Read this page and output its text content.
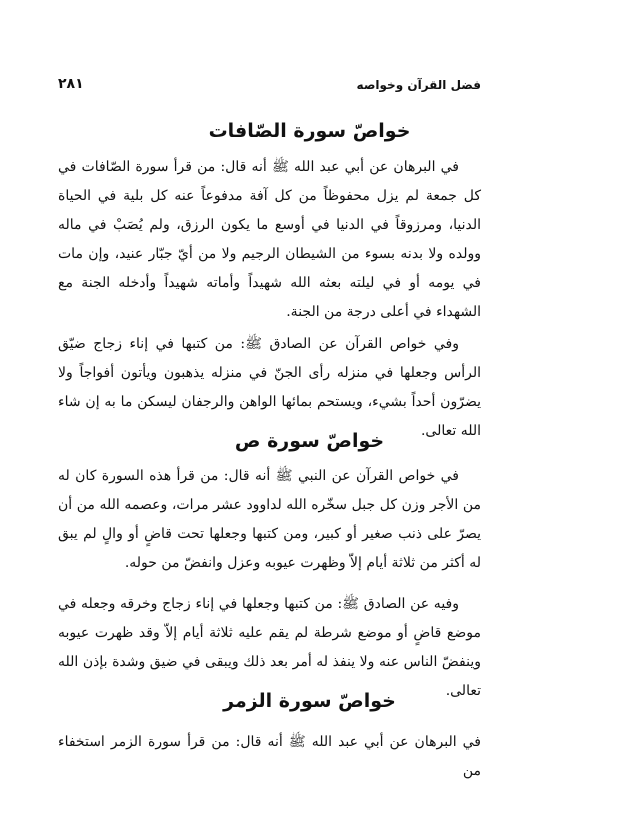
فضل القرآن وخواصه
٢٨١
خواصّ سورة الصّافات
في البرهان عن أبي عبد الله ﷺ أنه قال: من قرأ سورة الصّافات في كل جمعة لم يزل محفوظاً من كل آفة مدفوعاً عنه كل بلية في الحياة الدنيا، ومرزوقاً في الدنيا في أوسع ما يكون الرزق، ولم يُصَبْ في ماله وولده ولا بدنه بسوء من الشيطان الرجيم ولا من أيّ جبّار عنيد، وإن مات في يومه أو في ليلته بعثه الله شهيداً وأماته شهيداً وأدخله الجنة مع الشهداء في أعلى درجة من الجنة.
وفي خواص القرآن عن الصادق ﷺ: من كتبها في إناء زجاج ضيّق الرأس وجعلها في منزله رأى الجنّ في منزله يذهبون ويأتون أفواجاً ولا يضرّون أحداً بشيء، ويستحم بمائها الواهن والرجفان ليسكن ما به إن شاء الله تعالى.
خواصّ سورة ص
في خواص القرآن عن النبي ﷺ أنه قال: من قرأ هذه السورة كان له من الأجر وزن كل جبل سخّره الله لداوود عشر مرات، وعصمه الله من أن يصرّ على ذنب صغير أو كبير، ومن كتبها وجعلها تحت قاضٍ أو والٍ لم يبق له أكثر من ثلاثة أيام إلاّ وظهرت عيوبه وعزل وانفضّ من حوله.
وفيه عن الصادق ﷺ: من كتبها وجعلها في إناء زجاج وخرقه وجعله في موضع قاضٍ أو موضع شرطة لم يقم عليه ثلاثة أيام إلاّ وقد ظهرت عيوبه وينفضّ الناس عنه ولا ينفذ له أمر بعد ذلك ويبقى في ضيق وشدة بإذن الله تعالى.
خواصّ سورة الزمر
في البرهان عن أبي عبد الله ﷺ أنه قال: من قرأ سورة الزمر استخفاء من
